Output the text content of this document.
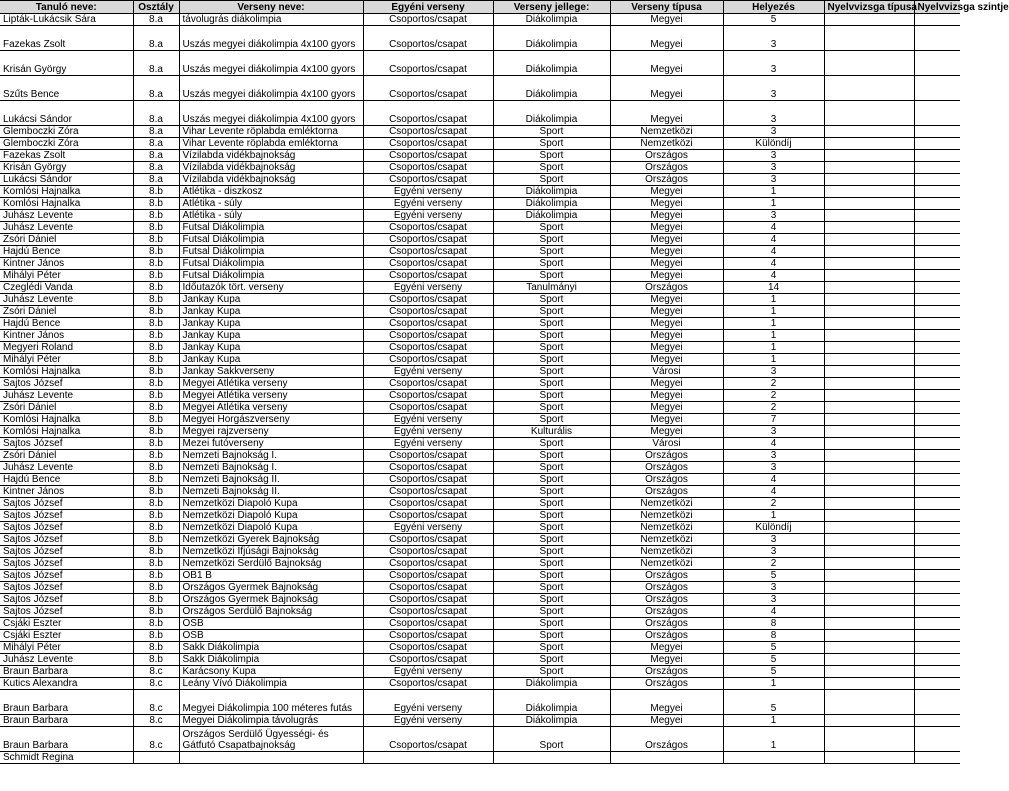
Tanuló neve:	Osztály	Verseny neve:	Egyéni verseny	Verseny jellege:	Verseny típusa	Helyezés	Nyelvvizsga típusa	Nyelvvizsga szintje
Lipták-Lukácsik Sára	8.a	távolugrás diákolimpia	Csoportos/csapat	Diákolimpia	Megyei	5		
Fazekas Zsolt	8.a	Uszás megyei diákolimpia 4x100 gyors	Csoportos/csapat	Diákolimpia	Megyei	3		
Krisán György	8.a	Uszás megyei diákolimpia 4x100 gyors	Csoportos/csapat	Diákolimpia	Megyei	3		
Szűts Bence	8.a	Uszás megyei diákolimpia 4x100 gyors	Csoportos/csapat	Diákolimpia	Megyei	3		
Lukácsi Sándor	8.a	Uszás megyei diákolimpia 4x100 gyors	Csoportos/csapat	Diákolimpia	Megyei	3		
Glemboczki Zóra	8.a	Vihar Levente röplabda emléktorna	Csoportos/csapat	Sport	Nemzetközi	3		
Glemboczki Zóra	8.a	Vihar Levente röplabda emléktorna	Csoportos/csapat	Sport	Nemzetközi	Különdíj		
Fazekas Zsolt	8.a	Vízilabda vidékbajnokság	Csoportos/csapat	Sport	Országos	3		
Krisán György	8.a	Vízilabda vidékbajnokság	Csoportos/csapat	Sport	Országos	3		
Lukácsi Sándor	8.a	Vízilabda vidékbajnokság	Csoportos/csapat	Sport	Országos	3		
Komlósi Hajnalka	8.b	Atlétika - diszkosz	Egyéni verseny	Diákolimpia	Megyei	1		
Komlósi Hajnalka	8.b	Atlétika - súly	Egyéni verseny	Diákolimpia	Megyei	1		
Juhász Levente	8.b	Atlétika - súly	Egyéni verseny	Diákolimpia	Megyei	3		
Juhász Levente	8.b	Futsal Diákolimpia	Csoportos/csapat	Sport	Megyei	4		
Zsóri Dániel	8.b	Futsal Diákolimpia	Csoportos/csapat	Sport	Megyei	4		
Hajdú Bence	8.b	Futsal Diákolimpia	Csoportos/csapat	Sport	Megyei	4		
Kintner János	8.b	Futsal Diákolimpia	Csoportos/csapat	Sport	Megyei	4		
Mihályi Péter	8.b	Futsal Diákolimpia	Csoportos/csapat	Sport	Megyei	4		
Czeglédi Vanda	8.b	Időutazók tört. verseny	Egyéni verseny	Tanulmányi	Országos	14		
Juhász Levente	8.b	Jankay Kupa	Csoportos/csapat	Sport	Megyei	1		
Zsóri Dániel	8.b	Jankay Kupa	Csoportos/csapat	Sport	Megyei	1		
Hajdú Bence	8.b	Jankay Kupa	Csoportos/csapat	Sport	Megyei	1		
Kintner János	8.b	Jankay Kupa	Csoportos/csapat	Sport	Megyei	1		
Megyeri Roland	8.b	Jankay Kupa	Csoportos/csapat	Sport	Megyei	1		
Mihályi Péter	8.b	Jankay Kupa	Csoportos/csapat	Sport	Megyei	1		
Komlósi Hajnalka	8.b	Jankay Sakkverseny	Egyéni verseny	Sport	Városi	3		
Sajtos József	8.b	Megyei Atlétika verseny	Csoportos/csapat	Sport	Megyei	2		
Juhász Levente	8.b	Megyei Atlétika verseny	Csoportos/csapat	Sport	Megyei	2		
Zsóri Dániel	8.b	Megyei Atlétika verseny	Csoportos/csapat	Sport	Megyei	2		
Komlósi Hajnalka	8.b	Megyei Horgászverseny	Egyéni verseny	Sport	Megyei	7		
Komlósi Hajnalka	8.b	Megyei rajzverseny	Egyéni verseny	Kulturális	Megyei	3		
Sajtos József	8.b	Mezei futóverseny	Egyéni verseny	Sport	Városi	4		
Zsóri Dániel	8.b	Nemzeti Bajnokság I.	Csoportos/csapat	Sport	Országos	3		
Juhász Levente	8.b	Nemzeti Bajnokság I.	Csoportos/csapat	Sport	Országos	3		
Hajdú Bence	8.b	Nemzeti Bajnokság II.	Csoportos/csapat	Sport	Országos	4		
Kintner János	8.b	Nemzeti Bajnokság II.	Csoportos/csapat	Sport	Országos	4		
Sajtos József	8.b	Nemzetközi Diapoló Kupa	Csoportos/csapat	Sport	Nemzetközi	2		
Sajtos József	8.b	Nemzetközi Diapoló Kupa	Csoportos/csapat	Sport	Nemzetközi	1		
Sajtos József	8.b	Nemzetközi Diapoló Kupa	Egyéni verseny	Sport	Nemzetközi	Különdíj		
Sajtos József	8.b	Nemzetközi Gyerek Bajnokság	Csoportos/csapat	Sport	Nemzetközi	3		
Sajtos József	8.b	Nemzetközi Ifjúsági Bajnokság	Csoportos/csapat	Sport	Nemzetközi	3		
Sajtos József	8.b	Nemzetközi Serdülő Bajnokság	Csoportos/csapat	Sport	Nemzetközi	2		
Sajtos József	8.b	OB1 B	Csoportos/csapat	Sport	Országos	5		
Sajtos József	8.b	Országos Gyermek Bajnokság	Csoportos/csapat	Sport	Országos	3		
Sajtos József	8.b	Országos Gyermek Bajnokság	Csoportos/csapat	Sport	Országos	3		
Sajtos József	8.b	Országos Serdülő Bajnokság	Csoportos/csapat	Sport	Országos	4		
Csjáki Eszter	8.b	OSB	Csoportos/csapat	Sport	Országos	8		
Csjáki Eszter	8.b	OSB	Csoportos/csapat	Sport	Országos	8		
Mihályi Péter	8.b	Sakk Diákolimpia	Csoportos/csapat	Sport	Megyei	5		
Juhász Levente	8.b	Sakk Diákolimpia	Csoportos/csapat	Sport	Megyei	5		
Braun Barbara	8.c	Karácsony Kupa	Egyéni verseny	Sport	Országos	5		
Kutics Alexandra	8.c	Leány Vívó Diákolimpia	Csoportos/csapat	Diákolimpia	Országos	1		
Braun Barbara	8.c	Megyei Diákolimpia 100 méteres futás	Egyéni verseny	Diákolimpia	Megyei	5		
Braun Barbara	8.c	Megyei Diákolimpia távolugrás	Egyéni verseny	Diákolimpia	Megyei	1		
Braun Barbara	8.c	Országos Serdülő Ügyességi- és Gátfutó Csapatbajnokság	Csoportos/csapat	Sport	Országos	1		
Schmidt Regina								
